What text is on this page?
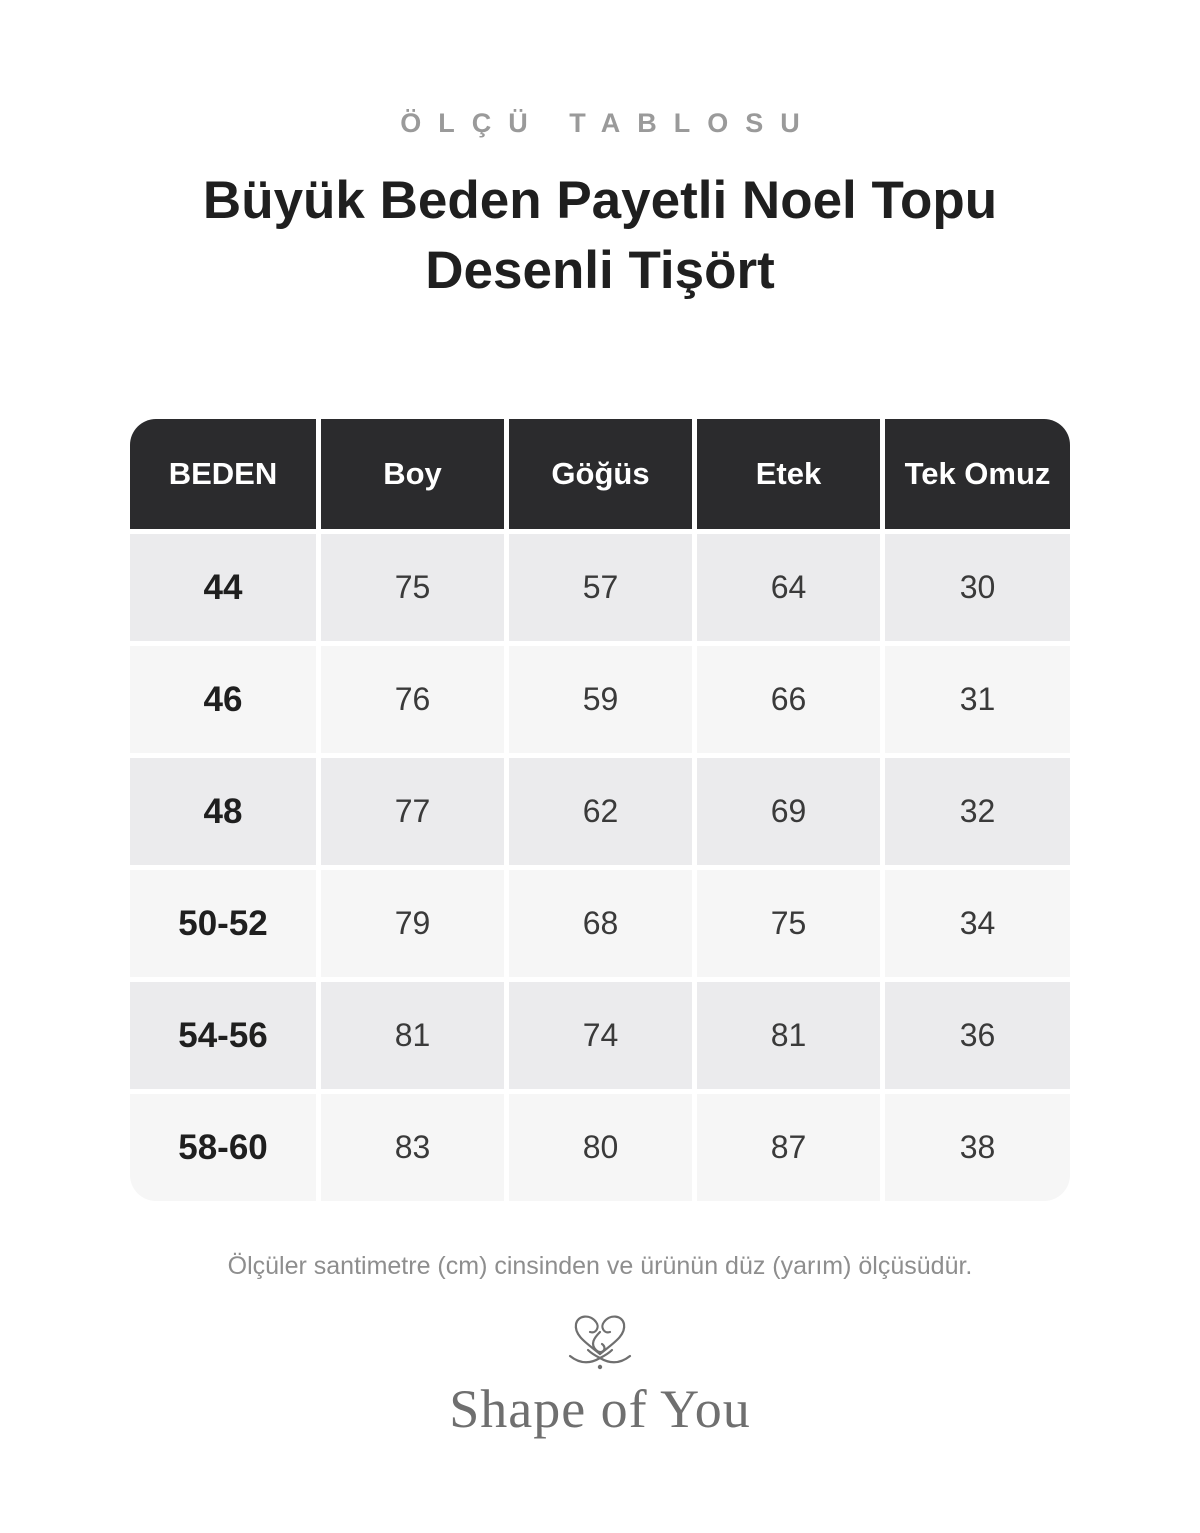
ÖLÇÜ TABLOSU
Büyük Beden Payetli Noel Topu
Desenli Tişört
BEDEN	Boy	Göğüs	Etek	Tek Omuz
44	75	57	64	30
46	76	59	66	31
48	77	62	69	32
50-52	79	68	75	34
54-56	81	74	81	36
58-60	83	80	87	38
Ölçüler santimetre (cm) cinsinden ve ürünün düz (yarım) ölçüsüdür.
Shape of You
